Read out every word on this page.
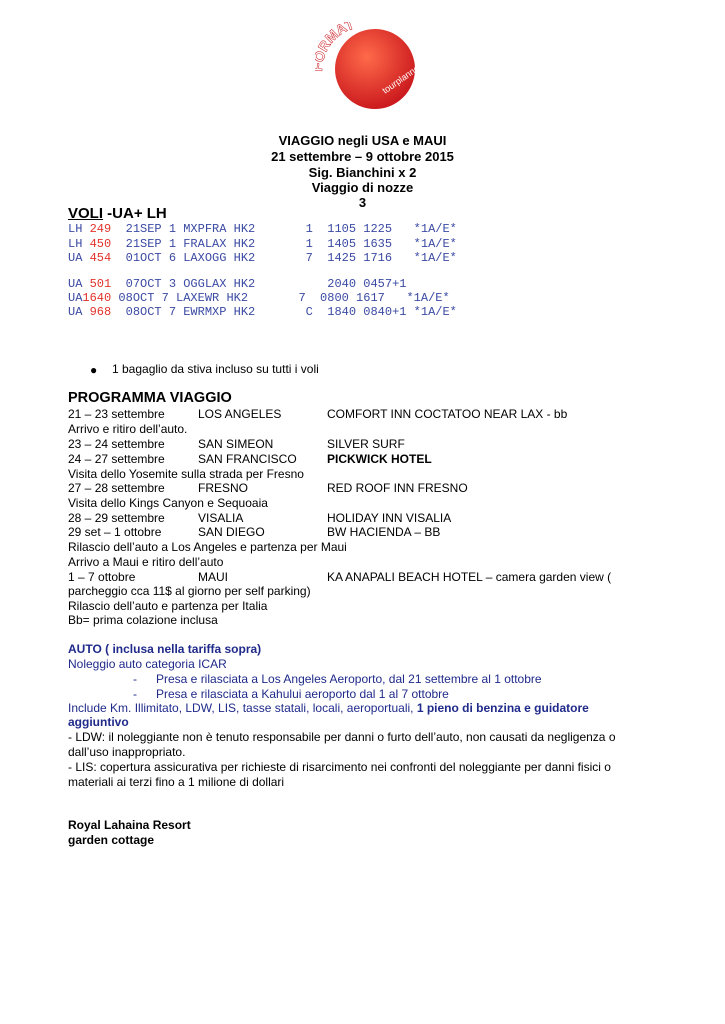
RMAT
tourplanner
VIAGGIO negli USA e MAUI
21 settembre – 9 ottobre 2015
Sig. Bianchini x 2
Viaggio di nozze
3
VOLI -UA+ LH
LH 249  21SEP 1 MXPFRA HK2       1  1105 1225   *1A/E*
LH 450  21SEP 1 FRALAX HK2       1  1405 1635   *1A/E*
UA 454  01OCT 6 LAXOGG HK2       7  1425 1716   *1A/E*
UA 501  07OCT 3 OGGLAX HK2          2040 0457+1
UA1640 08OCT 7 LAXEWR HK2       7  0800 1617   *1A/E*
UA 968  08OCT 7 EWRMXP HK2       C  1840 0840+1 *1A/E*
● 1 bagaglio da stiva incluso su tutti i voli
PROGRAMMA VIAGGIO
21 – 23 settembre	LOS ANGELES	COMFORT INN COCTATOO NEAR LAX - bb
Arrivo e ritiro dell’auto.
23 – 24 settembre	SAN SIMEON	SILVER SURF
24 – 27 settembre	SAN FRANCISCO	PICKWICK HOTEL
Visita dello Yosemite sulla strada per Fresno
27 – 28 settembre	FRESNO	RED ROOF INN FRESNO
Visita dello Kings Canyon e Sequoaia
28 – 29 settembre	VISALIA	HOLIDAY INN VISALIA
29 set – 1 ottobre	SAN DIEGO	BW HACIENDA – BB
Rilascio dell’auto a Los Angeles e partenza per Maui
Arrivo a Maui e ritiro dell’auto
1 – 7 ottobre	MAUI	KA ANAPALI BEACH HOTEL – camera garden view (
parcheggio cca 11$ al giorno per self parking)
Rilascio dell’auto e partenza per Italia
Bb= prima colazione inclusa
AUTO ( inclusa nella tariffa sopra)
Noleggio auto categoria ICAR
- Presa e rilasciata a Los Angeles Aeroporto, dal 21 settembre al 1 ottobre
- Presa e rilasciata a Kahului aeroporto dal 1 al 7 ottobre
Include Km. Illimitato, LDW, LIS, tasse statali, locali, aeroportuali, 1 pieno di benzina e guidatore
aggiuntivo
- LDW: il noleggiante non è tenuto responsabile per danni o furto dell’auto, non causati da negligenza o
dall’uso inappropriato.
- LIS: copertura assicurativa per richieste di risarcimento nei confronti del noleggiante per danni fisici o
materiali ai terzi fino a 1 milione di dollari
Royal Lahaina Resort
garden cottage
